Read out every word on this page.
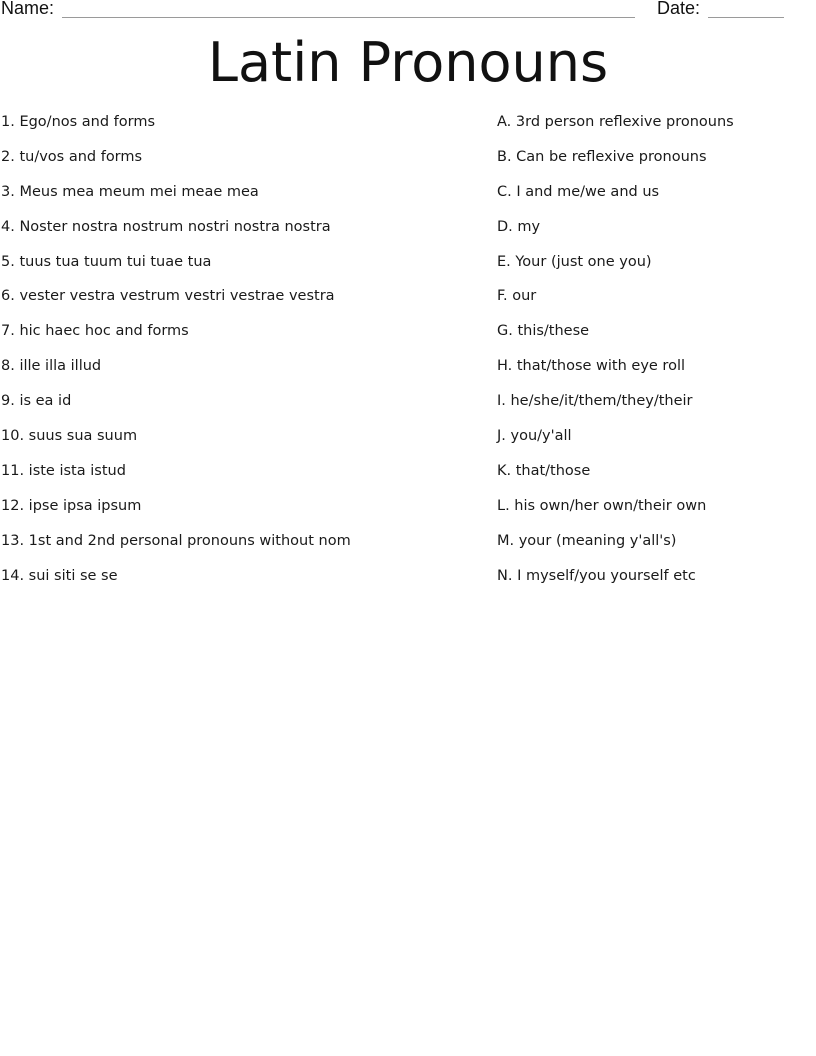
Name:	Date:
Latin Pronouns
1. Ego/nos and forms
2. tu/vos and forms
3. Meus mea meum mei meae mea
4. Noster nostra nostrum nostri nostra nostra
5. tuus tua tuum tui tuae tua
6. vester vestra vestrum vestri vestrae vestra
7. hic haec hoc and forms
8. ille illa illud
9. is ea id
10. suus sua suum
11. iste ista istud
12. ipse ipsa ipsum
13. 1st and 2nd personal pronouns without nom
14. sui siti se se
A. 3rd person reflexive pronouns
B. Can be reflexive pronouns
C. I and me/we and us
D. my
E. Your (just one you)
F. our
G. this/these
H. that/those with eye roll
I. he/she/it/them/they/their
J. you/y'all
K. that/those
L. his own/her own/their own
M. your (meaning y'all's)
N. I myself/you yourself etc
